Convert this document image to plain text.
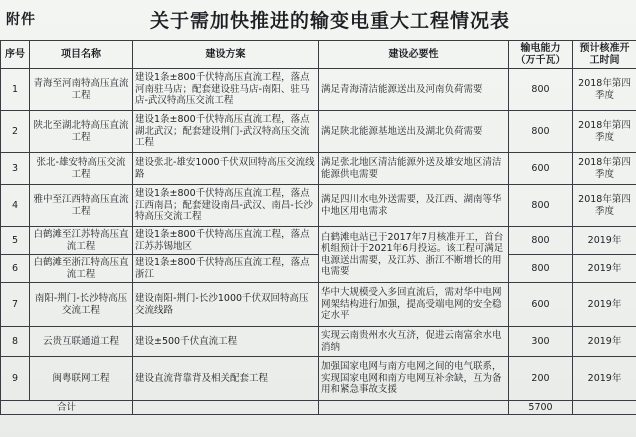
附件	关于需加快推进的输变电重大工程情况表
序号	项目名称	建设方案	建设必要性	输电能力（万千瓦）	预计核准开工时间
1	青海至河南特高压直流工程	建设1条±800千伏特高压直流工程，落点河南驻马店；配套建设驻马店-南阳、驻马店-武汉特高压交流工程	满足青海清洁能源送出及河南负荷需要	800	2018年第四季度
2	陕北至湖北特高压直流工程	建设1条±800千伏特高压直流工程，落点湖北武汉；配套建设荆门-武汉特高压交流工程	满足陕北能源基地送出及湖北负荷需要	800	2018年第四季度
3	张北-雄安特高压交流工程	建设张北-雄安1000千伏双回特高压交流线路	满足张北地区清洁能源外送及雄安地区清洁能源供电需要	600	2018年第四季度
4	雅中至江西特高压直流工程	建设1条±800千伏特高压直流工程，落点江西南昌；配套建设南昌-武汉、南昌-长沙特高压交流工程	满足四川水电外送需要，及江西、湖南等华中地区用电需求	800	2018年第四季度
5	白鹤滩至江苏特高压直流工程	建设1条±800千伏特高压直流工程，落点江苏苏锡地区	白鹤滩电站已于2017年7月核准开工，首台机组预计于2021年6月投运。该工程可满足电源送出需要，及江苏、浙江不断增长的用电需要	800	2019年
6	白鹤滩至浙江特高压直流工程	建设1条±800千伏特高压直流工程，落点浙江		800	2019年
7	南阳-荆门-长沙特高压交流工程	建设南阳-荆门-长沙1000千伏双回特高压交流线路	华中大规模受入多回直流后，需对华中电网网架结构进行加强，提高受端电网的安全稳定水平	600	2019年
8	云贵互联通道工程	建设±500千伏直流工程	实现云南贵州水火互济，促进云南富余水电消纳	300	2019年
9	闽粤联网工程	建设直流背靠背及相关配套工程	加强国家电网与南方电网之间的电气联系，实现国家电网和南方电网互补余缺，互为备用和紧急事故支援	200	2019年
合计				5700	
